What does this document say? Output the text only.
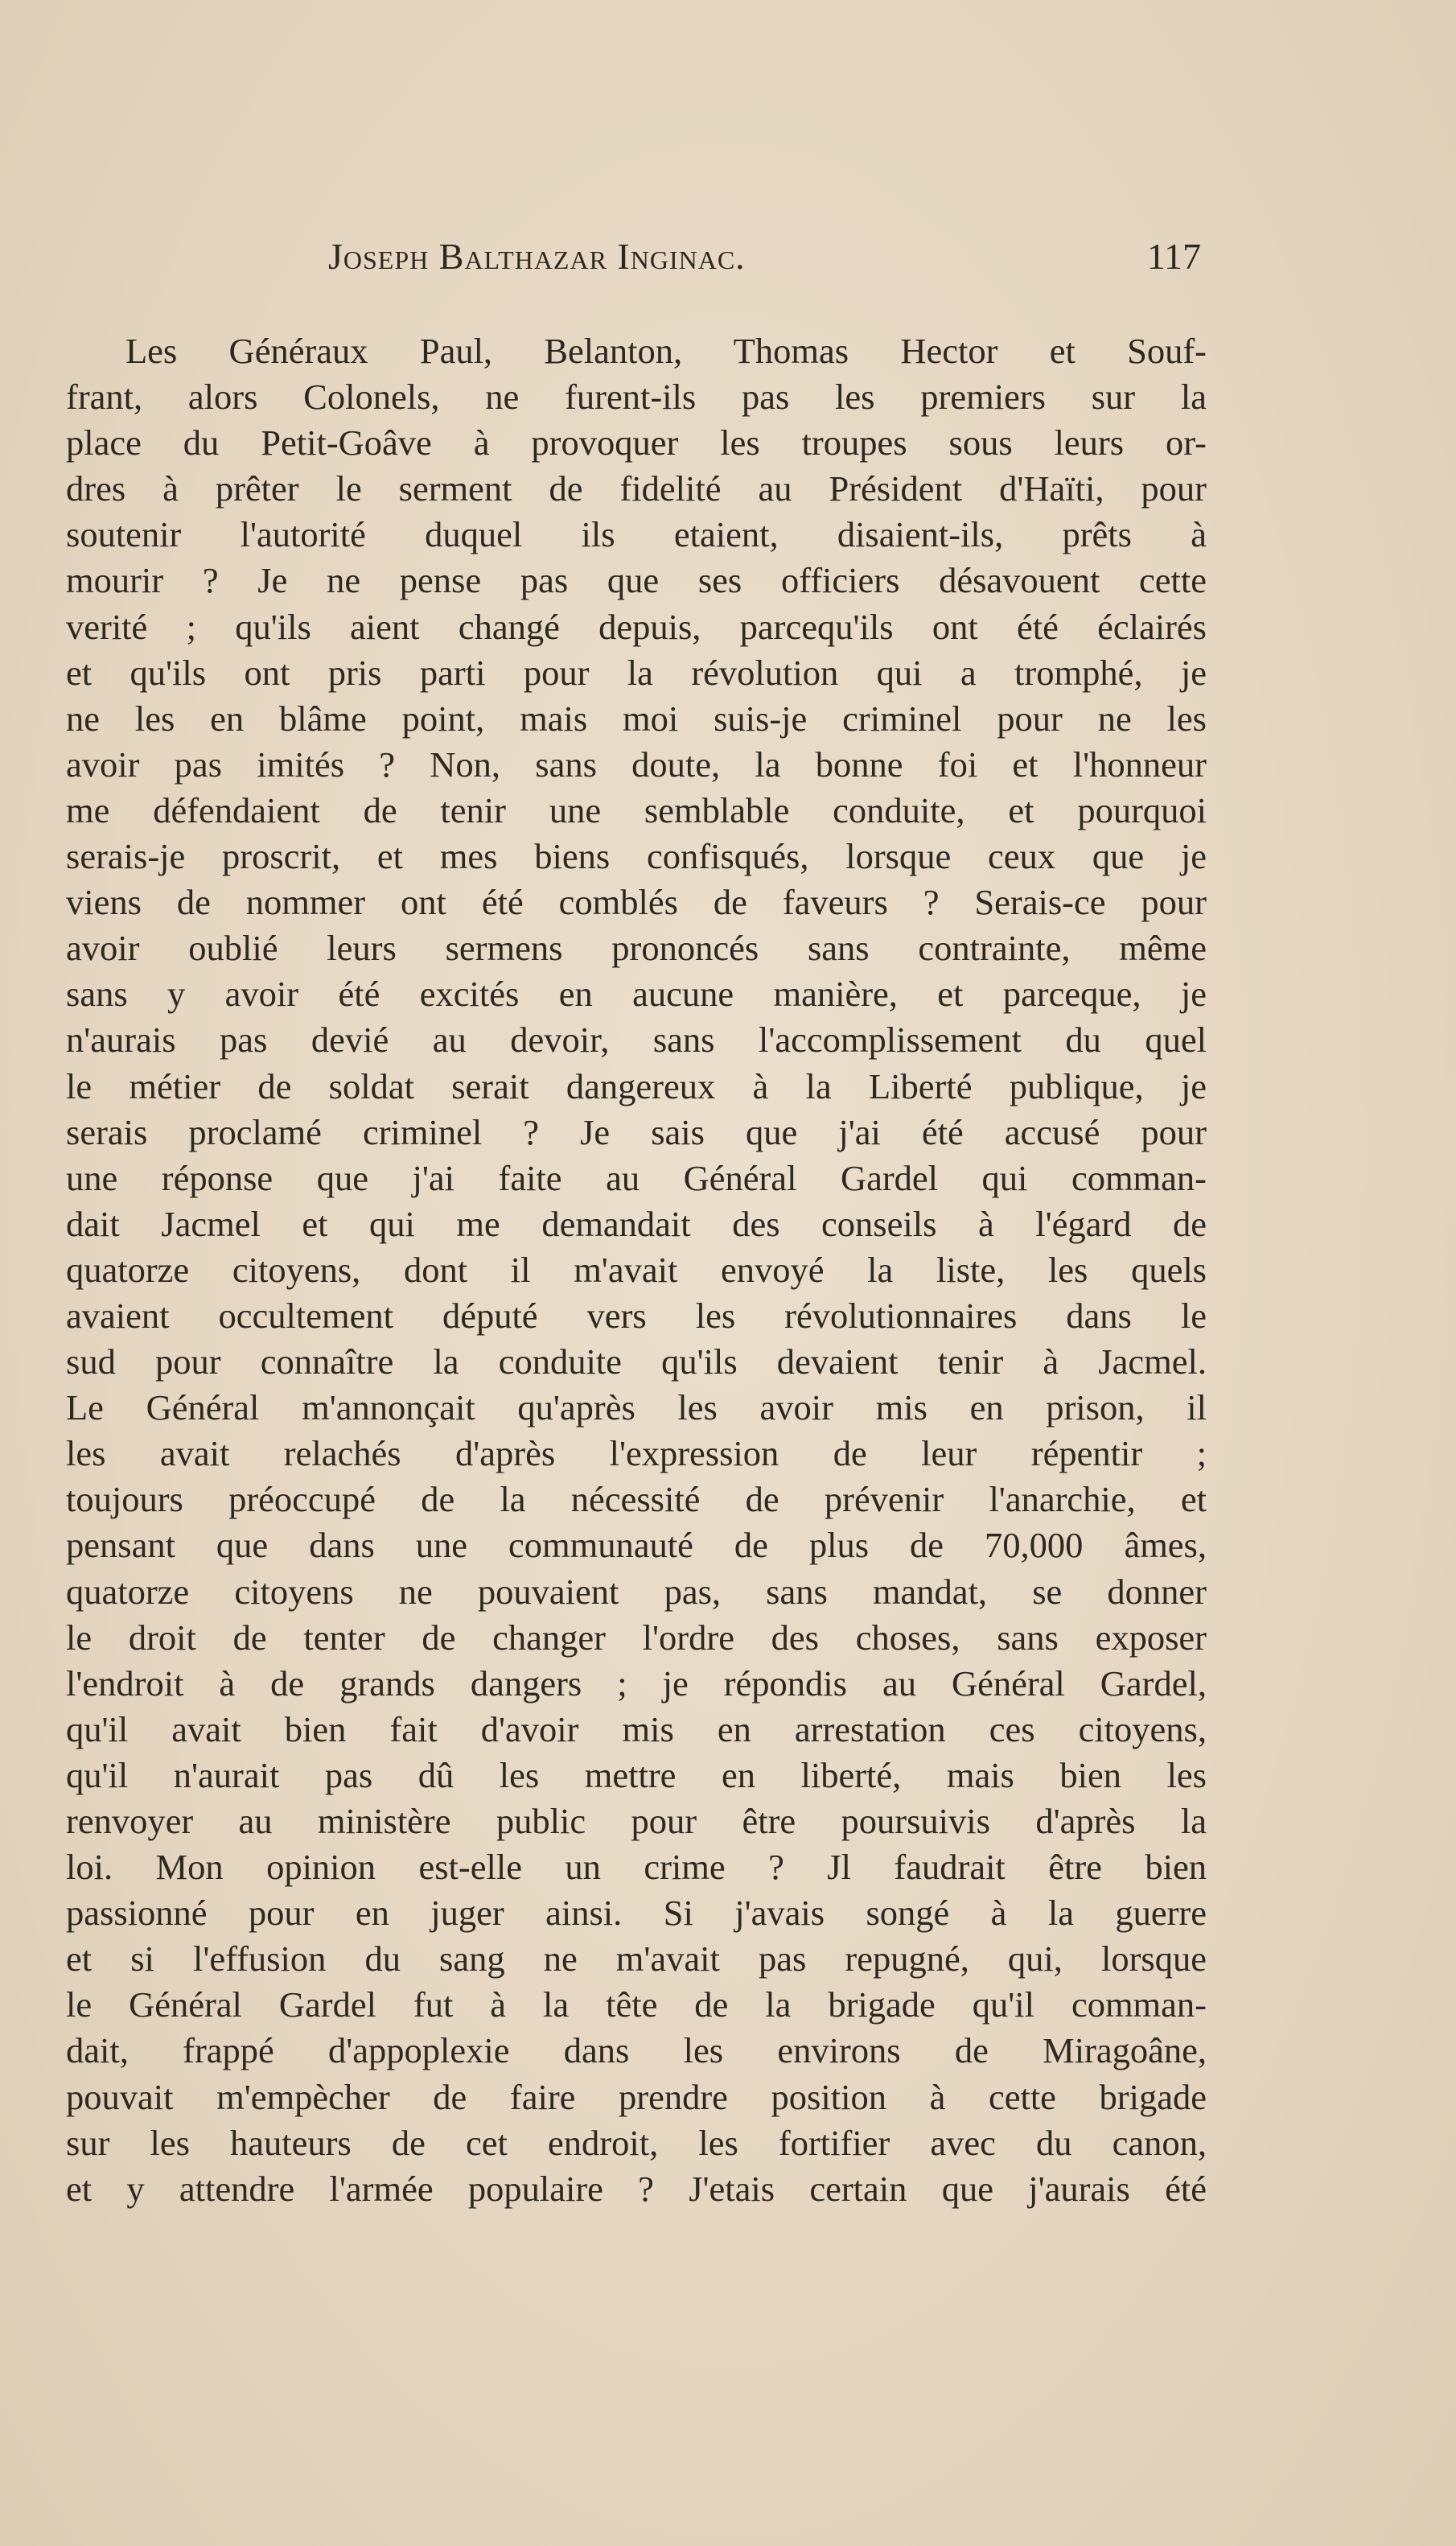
Joseph Balthazar Inginac.	117
Les Généraux Paul, Belanton, Thomas Hector et Souf-
frant, alors Colonels, ne furent-ils pas les premiers sur la
place du Petit-Goâve à provoquer les troupes sous leurs or-
dres à prêter le serment de fidelité au Président d'Haïti, pour
soutenir l'autorité duquel ils etaient, disaient-ils, prêts à
mourir ? Je ne pense pas que ses officiers désavouent cette
verité ; qu'ils aient changé depuis, parcequ'ils ont été éclairés
et qu'ils ont pris parti pour la révolution qui a tromphé, je
ne les en blâme point, mais moi suis-je criminel pour ne les
avoir pas imités ? Non, sans doute, la bonne foi et l'honneur
me défendaient de tenir une semblable conduite, et pourquoi
serais-je proscrit, et mes biens confisqués, lorsque ceux que je
viens de nommer ont été comblés de faveurs ? Serais-ce pour
avoir oublié leurs sermens prononcés sans contrainte, même
sans y avoir été excités en aucune manière, et parceque, je
n'aurais pas devié au devoir, sans l'accomplissement du quel
le métier de soldat serait dangereux à la Liberté publique, je
serais proclamé criminel ? Je sais que j'ai été accusé pour
une réponse que j'ai faite au Général Gardel qui comman-
dait Jacmel et qui me demandait des conseils à l'égard de
quatorze citoyens, dont il m'avait envoyé la liste, les quels
avaient occultement député vers les révolutionnaires dans le
sud pour connaître la conduite qu'ils devaient tenir à Jacmel.
Le Général m'annonçait qu'après les avoir mis en prison, il
les avait relachés d'après l'expression de leur répentir ;
toujours préoccupé de la nécessité de prévenir l'anarchie, et
pensant que dans une communauté de plus de 70,000 âmes,
quatorze citoyens ne pouvaient pas, sans mandat, se donner
le droit de tenter de changer l'ordre des choses, sans exposer
l'endroit à de grands dangers ; je répondis au Général Gardel,
qu'il avait bien fait d'avoir mis en arrestation ces citoyens,
qu'il n'aurait pas dû les mettre en liberté, mais bien les
renvoyer au ministère public pour être poursuivis d'après la
loi. Mon opinion est-elle un crime ? Jl faudrait être bien
passionné pour en juger ainsi. Si j'avais songé à la guerre
et si l'effusion du sang ne m'avait pas repugné, qui, lorsque
le Général Gardel fut à la tête de la brigade qu'il comman-
dait, frappé d'appoplexie dans les environs de Miragoâne,
pouvait m'empècher de faire prendre position à cette brigade
sur les hauteurs de cet endroit, les fortifier avec du canon,
et y attendre l'armée populaire ? J'etais certain que j'aurais été
